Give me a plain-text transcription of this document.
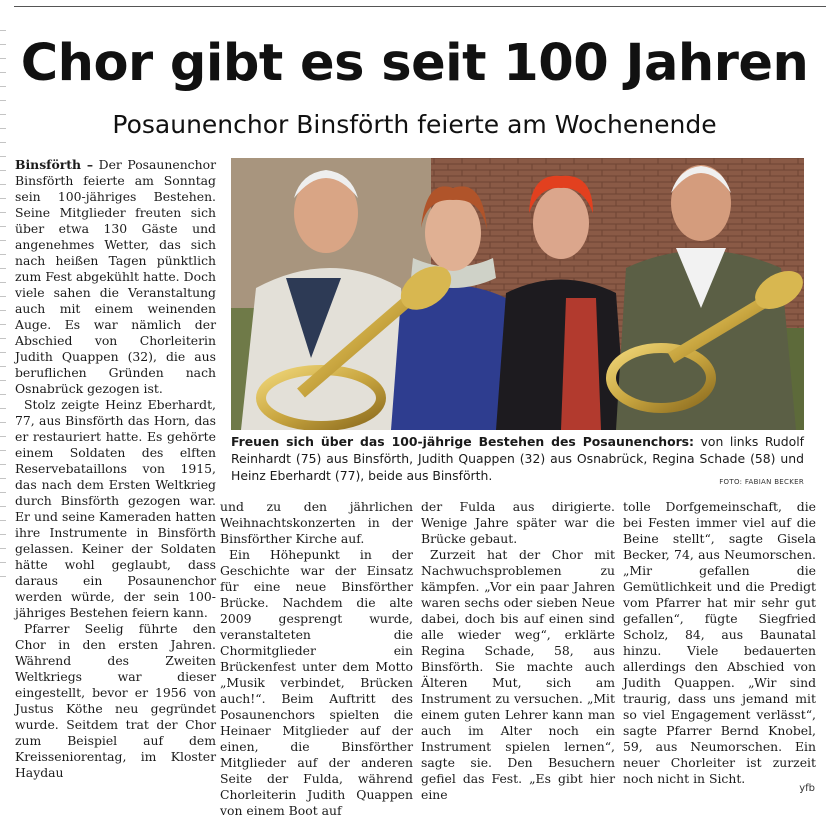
Chor gibt es seit 100 Jahren
Posaunenchor Binsförth feierte am Wochenende

Binsförth – Der Posaunenchor Binsförth feierte am Sonntag sein 100-jähriges Bestehen. Seine Mitglieder freuten sich über etwa 130 Gäste und angenehmes Wetter, das sich nach heißen Tagen pünktlich zum Fest abgekühlt hatte. Doch viele sahen die Veranstaltung auch mit einem weinenden Auge. Es war nämlich der Abschied von Chorleiterin Judith Quappen (32), die aus beruflichen Gründen nach Osnabrück gezogen ist.

Stolz zeigte Heinz Eberhardt, 77, aus Binsförth das Horn, das er restauriert hatte. Es gehörte einem Soldaten des elften Reservebataillons von 1915, das nach dem Ersten Weltkrieg durch Binsförth gezogen war. Er und seine Kameraden hatten ihre Instrumente in Binsförth gelassen. Keiner der Soldaten hätte wohl geglaubt, dass daraus ein Posaunenchor werden würde, der sein 100-jähriges Bestehen feiern kann.

Pfarrer Seelig führte den Chor in den ersten Jahren. Während des Zweiten Weltkriegs war dieser eingestellt, bevor er 1956 von Justus Köthe neu gegründet wurde. Seitdem trat der Chor zum Beispiel auf dem Kreisseniorentag, im Kloster Haydau

Freuen sich über das 100-jährige Bestehen des Posaunenchors: von links Rudolf Reinhardt (75) aus Binsförth, Judith Quappen (32) aus Osnabrück, Regina Schade (58) und Heinz Eberhardt (77), beide aus Binsförth.	FOTO: FABIAN BECKER

und zu den jährlichen Weihnachtskonzerten in der Binsförther Kirche auf.

Ein Höhepunkt in der Geschichte war der Einsatz für eine neue Binsförther Brücke. Nachdem die alte 2009 gesprengt wurde, veranstalteten die Chormitglieder ein Brückenfest unter dem Motto „Musik verbindet, Brücken auch!“. Beim Auftritt des Posaunenchors spielten die Heinaer Mitglieder auf der einen, die Binsförther Mitglieder auf der anderen Seite der Fulda, während Chorleiterin Judith Quappen von einem Boot auf

der Fulda aus dirigierte. Wenige Jahre später war die Brücke gebaut.

Zurzeit hat der Chor mit Nachwuchsproblemen zu kämpfen. „Vor ein paar Jahren waren sechs oder sieben Neue dabei, doch bis auf einen sind alle wieder weg“, erklärte Regina Schade, 58, aus Binsförth. Sie machte auch Älteren Mut, sich am Instrument zu versuchen. „Mit einem guten Lehrer kann man auch im Alter noch ein Instrument spielen lernen“, sagte sie. Den Besuchern gefiel das Fest. „Es gibt hier eine

tolle Dorfgemeinschaft, die bei Festen immer viel auf die Beine stellt“, sagte Gisela Becker, 74, aus Neumorschen. „Mir gefallen die Gemütlichkeit und die Predigt vom Pfarrer hat mir sehr gut gefallen“, fügte Siegfried Scholz, 84, aus Baunatal hinzu. Viele bedauerten allerdings den Abschied von Judith Quappen. „Wir sind traurig, dass uns jemand mit so viel Engagement verlässt“, sagte Pfarrer Bernd Knobel, 59, aus Neumorschen. Ein neuer Chorleiter ist zurzeit noch nicht in Sicht.

yfb
